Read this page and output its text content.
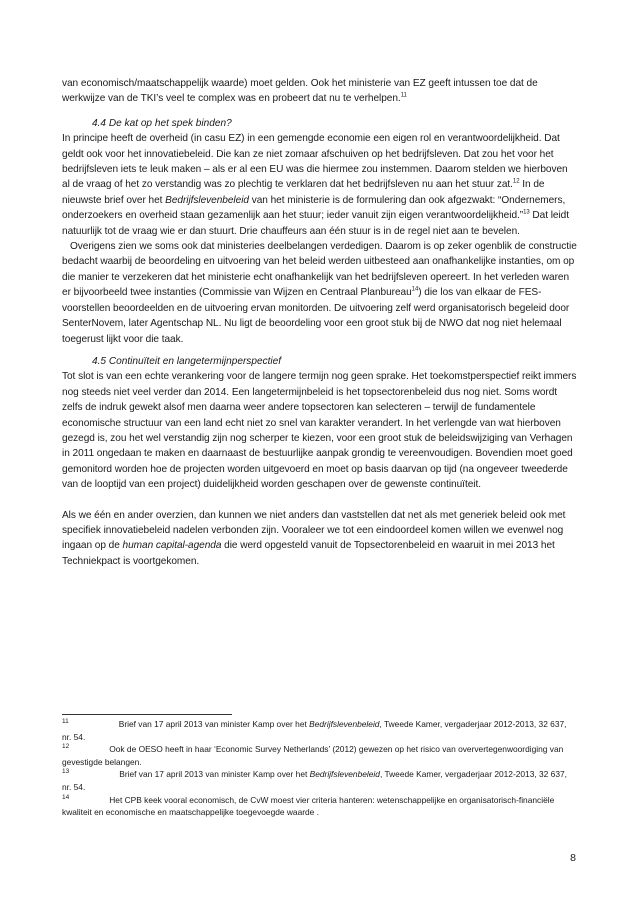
van economisch/maatschappelijk waarde) moet gelden. Ook het ministerie van EZ geeft intussen toe dat de werkwijze van de TKI’s veel te complex was en probeert dat nu te verhelpen.$^{11}$

4.4 De kat op het spek binden?

In principe heeft de overheid (in casu EZ) in een gemengde economie een eigen rol en verantwoordelijkheid. Dat geldt ook voor het innovatiebeleid. Die kan ze niet zomaar afschuiven op het bedrijfsleven. Dat zou het voor het bedrijfsleven iets te leuk maken – als er al een EU was die hiermee zou instemmen. Daarom stelden we hierboven al de vraag of het zo verstandig was zo plechtig te verklaren dat het bedrijfsleven nu aan het stuur zat.$^{12}$ In de nieuwste brief over het Bedrijfslevenbeleid van het ministerie is de formulering dan ook afgezwakt: “Ondernemers, onderzoekers en overheid staan gezamenlijk aan het stuur; ieder vanuit zijn eigen verantwoordelijkheid.”$^{13}$ Dat leidt natuurlijk tot de vraag wie er dan stuurt. Drie chauffeurs aan één stuur is in de regel niet aan te bevelen.

Overigens zien we soms ook dat ministeries deelbelangen verdedigen. Daarom is op zeker ogenblik de constructie bedacht waarbij de beoordeling en uitvoering van het beleid werden uitbesteed aan onafhankelijke instanties, om op die manier te verzekeren dat het ministerie echt onafhankelijk van het bedrijfsleven opereert. In het verleden waren er bijvoorbeeld twee instanties (Commissie van Wijzen en Centraal Planbureau$^{14}$) die los van elkaar de FES-voorstellen beoordeelden en de uitvoering ervan monitorden. De uitvoering zelf werd organisatorisch begeleid door SenterNovem, later Agentschap NL. Nu ligt de beoordeling voor een groot stuk bij de NWO dat nog niet helemaal toegerust lijkt voor die taak.

4.5 Continuïteit en langetermijnperspectief

Tot slot is van een echte verankering voor de langere termijn nog geen sprake. Het toekomstperspectief reikt immers nog steeds niet veel verder dan 2014. Een langetermijnbeleid is het topsectorenbeleid dus nog niet. Soms wordt zelfs de indruk gewekt alsof men daarna weer andere topsectoren kan selecteren – terwijl de fundamentele economische structuur van een land echt niet zo snel van karakter verandert. In het verlengde van wat hierboven gezegd is, zou het wel verstandig zijn nog scherper te kiezen, voor een groot stuk de beleidswijziging van Verhagen in 2011 ongedaan te maken en daarnaast de bestuurlijke aanpak grondig te vereenvoudigen. Bovendien moet goed gemonitord worden hoe de projecten worden uitgevoerd en moet op basis daarvan op tijd (na ongeveer tweederde van de looptijd van een project) duidelijkheid worden geschapen over de gewenste continuïteit.

Als we één en ander overzien, dan kunnen we niet anders dan vaststellen dat net als met generiek beleid ook met specifiek innovatiebeleid nadelen verbonden zijn. Vooraleer we tot een eindoordeel komen willen we evenwel nog ingaan op de human capital-agenda die werd opgesteld vanuit de Topsectorenbeleid en waaruit in mei 2013 het Techniekpact is voortgekomen.

$^{11}$	Brief van 17 april 2013 van minister Kamp over het Bedrijfslevenbeleid, Tweede Kamer, vergaderjaar 2012-2013, 32 637, nr. 54.

$^{12}$	Ook de OESO heeft in haar ‘Economic Survey Netherlands’ (2012) gewezen op het risico van oververtegenwoordiging van gevestigde belangen.

$^{13}$	Brief van 17 april 2013 van minister Kamp over het Bedrijfslevenbeleid, Tweede Kamer, vergaderjaar 2012-2013, 32 637, nr. 54.

$^{14}$	Het CPB keek vooral economisch, de CvW moest vier criteria hanteren: wetenschappelijke en organisatorisch-financiële kwaliteit en economische en maatschappelijke toegevoegde waarde .

8
